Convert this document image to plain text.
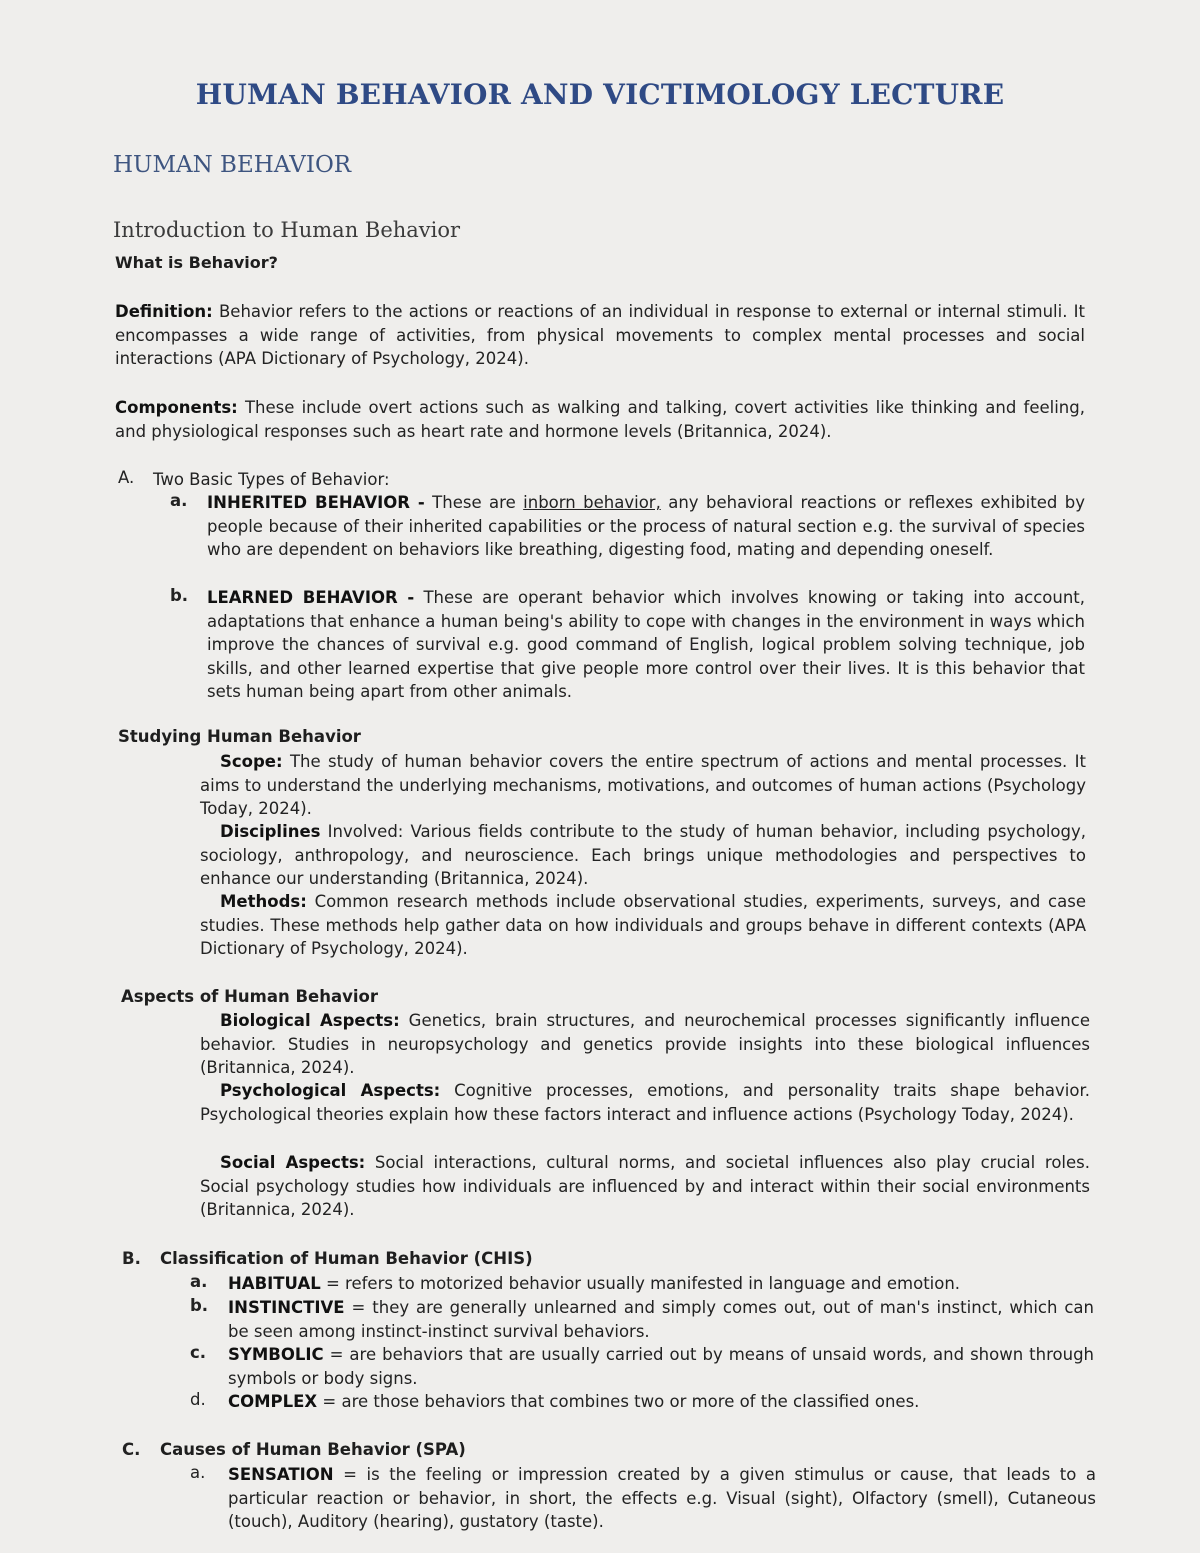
HUMAN BEHAVIOR AND VICTIMOLOGY LECTURE
HUMAN BEHAVIOR
Introduction to Human Behavior
What is Behavior?
Definition: Behavior refers to the actions or reactions of an individual in response to external or internal stimuli. It encompasses a wide range of activities, from physical movements to complex mental processes and social interactions (APA Dictionary of Psychology, 2024).
Components: These include overt actions such as walking and talking, covert activities like thinking and feeling, and physiological responses such as heart rate and hormone levels (Britannica, 2024).
A. Two Basic Types of Behavior:
a. INHERITED BEHAVIOR - These are inborn behavior, any behavioral reactions or reflexes exhibited by people because of their inherited capabilities or the process of natural section e.g. the survival of species who are dependent on behaviors like breathing, digesting food, mating and depending oneself.
b. LEARNED BEHAVIOR - These are operant behavior which involves knowing or taking into account, adaptations that enhance a human being's ability to cope with changes in the environment in ways which improve the chances of survival e.g. good command of English, logical problem solving technique, job skills, and other learned expertise that give people more control over their lives. It is this behavior that sets human being apart from other animals.
Studying Human Behavior
Scope: The study of human behavior covers the entire spectrum of actions and mental processes. It aims to understand the underlying mechanisms, motivations, and outcomes of human actions (Psychology Today, 2024).
Disciplines Involved: Various fields contribute to the study of human behavior, including psychology, sociology, anthropology, and neuroscience. Each brings unique methodologies and perspectives to enhance our understanding (Britannica, 2024).
Methods: Common research methods include observational studies, experiments, surveys, and case studies. These methods help gather data on how individuals and groups behave in different contexts (APA Dictionary of Psychology, 2024).
Aspects of Human Behavior
Biological Aspects: Genetics, brain structures, and neurochemical processes significantly influence behavior. Studies in neuropsychology and genetics provide insights into these biological influences (Britannica, 2024).
Psychological Aspects: Cognitive processes, emotions, and personality traits shape behavior. Psychological theories explain how these factors interact and influence actions (Psychology Today, 2024).
Social Aspects: Social interactions, cultural norms, and societal influences also play crucial roles. Social psychology studies how individuals are influenced by and interact within their social environments (Britannica, 2024).
B. Classification of Human Behavior (CHIS)
a. HABITUAL = refers to motorized behavior usually manifested in language and emotion.
b. INSTINCTIVE = they are generally unlearned and simply comes out, out of man's instinct, which can be seen among instinct-instinct survival behaviors.
c. SYMBOLIC = are behaviors that are usually carried out by means of unsaid words, and shown through symbols or body signs.
d. COMPLEX = are those behaviors that combines two or more of the classified ones.
C. Causes of Human Behavior (SPA)
a. SENSATION = is the feeling or impression created by a given stimulus or cause, that leads to a particular reaction or behavior, in short, the effects e.g. Visual (sight), Olfactory (smell), Cutaneous (touch), Auditory (hearing), gustatory (taste).
